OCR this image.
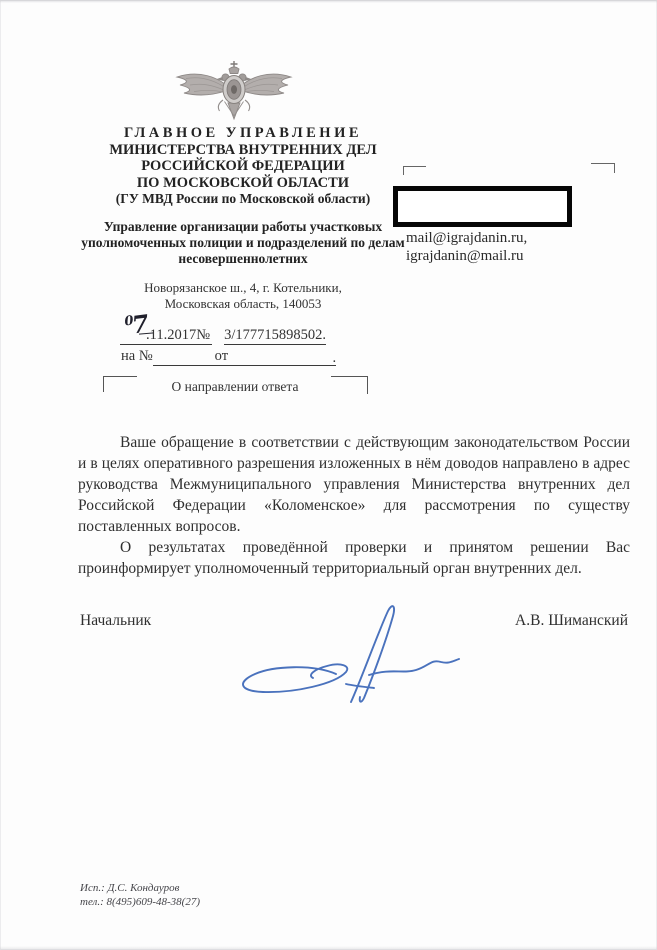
ГЛАВНОЕ УПРАВЛЕНИЕ
МИНИСТЕРСТВА ВНУТРЕННИХ ДЕЛ
РОССИЙСКОЙ ФЕДЕРАЦИИ
ПО МОСКОВСКОЙ ОБЛАСТИ
(ГУ МВД России по Московской области)
Управление организации работы участковых уполномоченных полиции и подразделений по делам несовершеннолетних
Новорязанское ш., 4, г. Котельники,
Московская область, 140053
07
.11.2017№ 3/177715898502.
на №	от	.
О направлении ответа
mail@igrajdanin.ru,
igrajdanin@mail.ru

Ваше обращение в соответствии с действующим законодательством России и в целях оперативного разрешения изложенных в нём доводов направлено в адрес руководства Межмуниципального управления Министерства внутренних дел Российской Федерации «Коломенское» для рассмотрения по существу поставленных вопросов.

О результатах проведённой проверки и принятом решении Вас проинформирует уполномоченный территориальный орган внутренних дел.

Начальник	А.В. Шиманский
Исп.: Д.С. Кондауров
тел.: 8(495)609-48-38(27)
